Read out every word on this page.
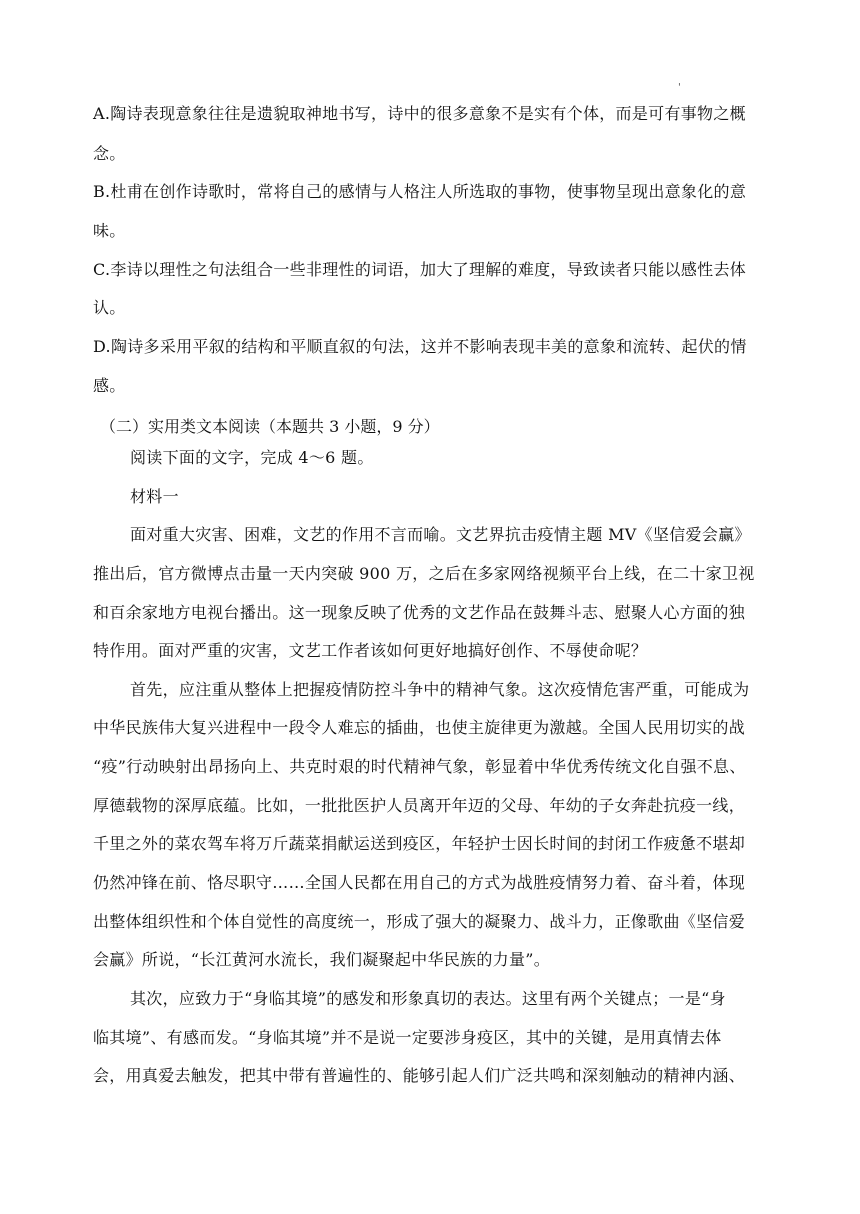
'
A.陶诗表现意象往往是遗貌取神地书写，诗中的很多意象不是实有个体，而是可有事物之概
念。
B.杜甫在创作诗歌时，常将自己的感情与人格注人所选取的事物，使事物呈现出意象化的意
味。
C.李诗以理性之句法组合一些非理性的词语，加大了理解的难度，导致读者只能以感性去体
认。
D.陶诗多采用平叙的结构和平顺直叙的句法，这并不影响表现丰美的意象和流转、起伏的情
感。
（二）实用类文本阅读（本题共 3 小题，9 分）
阅读下面的文字，完成 4～6 题。
材料一
面对重大灾害、困难，文艺的作用不言而喻。文艺界抗击疫情主题 MV《坚信爱会赢》
推出后，官方微博点击量一天内突破 900 万，之后在多家网络视频平台上线，在二十家卫视
和百余家地方电视台播出。这一现象反映了优秀的文艺作品在鼓舞斗志、慰聚人心方面的独
特作用。面对严重的灾害，文艺工作者该如何更好地搞好创作、不辱使命呢？
首先，应注重从整体上把握疫情防控斗争中的精神气象。这次疫情危害严重，可能成为
中华民族伟大复兴进程中一段令人难忘的插曲，也使主旋律更为激越。全国人民用切实的战
“疫”行动映射出昂扬向上、共克时艰的时代精神气象，彰显着中华优秀传统文化自强不息、
厚德载物的深厚底蕴。比如，一批批医护人员离开年迈的父母、年幼的子女奔赴抗疫一线，
千里之外的菜农驾车将万斤蔬菜捐献运送到疫区，年轻护士因长时间的封闭工作疲惫不堪却
仍然冲锋在前、恪尽职守……全国人民都在用自己的方式为战胜疫情努力着、奋斗着，体现
出整体组织性和个体自觉性的高度统一，形成了强大的凝聚力、战斗力，正像歌曲《坚信爱
会赢》所说，“长江黄河水流长，我们凝聚起中华民族的力量”。
其次，应致力于“身临其境”的感发和形象真切的表达。这里有两个关键点；一是“身
临其境”、有感而发。“身临其境”并不是说一定要涉身疫区，其中的关键，是用真情去体
会，用真爱去触发，把其中带有普遍性的、能够引起人们广泛共鸣和深刻触动的精神内涵、
